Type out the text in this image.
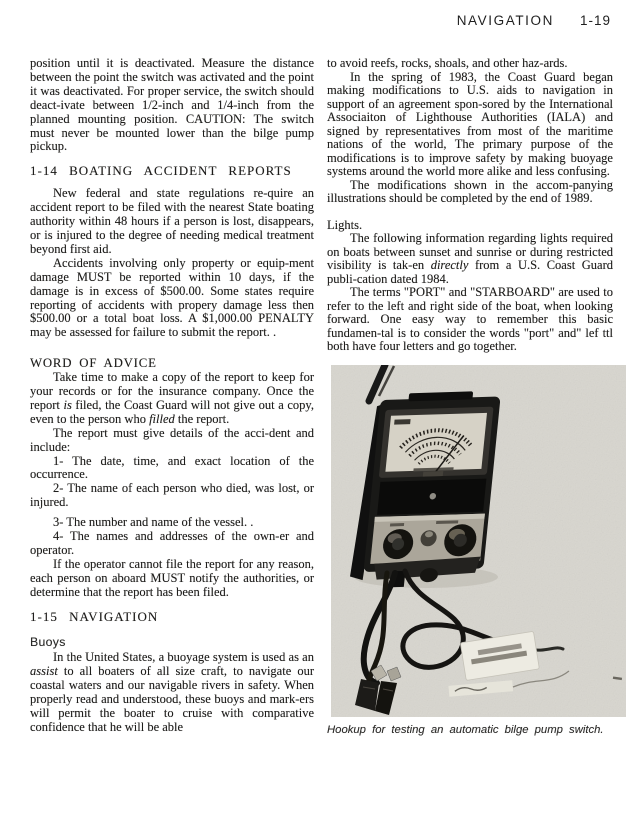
NAVIGATION 1-19

position until it is deactivated. Measure the distance between the point the switch was activated and the point it was deactivated. For proper service, the switch should deact-ivate between 1/2-inch and 1/4-inch from the planned mounting position. CAUTION: The switch must never be mounted lower than the bilge pump pickup.

1-14 BOATING ACCIDENT REPORTS

New federal and state regulations re-quire an accident report to be filed with the nearest State boating authority within 48 hours if a person is lost, disappears, or is injured to the degree of needing medical treatment beyond first aid.

Accidents involving only property or equip-ment damage MUST be reported within 10 days, if the damage is in excess of $500.00. Some states require reporting of accidents with propery damage less then $500.00 or a total boat loss. A $1,000.00 PENALTY may be assessed for failure to submit the report. .

WORD OF ADVICE

Take time to make a copy of the report to keep for your records or for the insurance company. Once the report is filed, the Coast Guard will not give out a copy, even to the person who filled the report.

The report must give details of the acci-dent and include:

1- The date, time, and exact location of the occurrence.

2- The name of each person who died, was lost, or injured.

3- The number and name of the vessel. .

4- The names and addresses of the own-er and operator.

If the operator cannot file the report for any reason, each person on aboard MUST notify the authorities, or determine that the report has been filed.

1-15 NAVIGATION

Buoys

In the United States, a buoyage system is used as an assist to all boaters of all size craft, to navigate our coastal waters and our navigable rivers in safety. When properly read and understood, these buoys and mark-ers will permit the boater to cruise with comparative confidence that he will be able

to avoid reefs, rocks, shoals, and other haz-ards.

In the spring of 1983, the Coast Guard began making modifications to U.S. aids to navigation in support of an agreement spon-sored by the International Associaiton of Lighthouse Authorities (IALA) and signed by representatives from most of the maritime nations of the world, The primary purpose of the modifications is to improve safety by making buoyage systems around the world more alike and less confusing.

The modifications shown in the accom-panying illustrations should be completed by the end of 1989.

Lights.

The following information regarding lights required on boats between sunset and sunrise or during restricted visibility is tak-en directly from a U.S. Coast Guard publi-cation dated 1984.

The terms "PORT" and "STARBOARD" are used to refer to the left and right side of the boat, when looking forward. One easy way to remember this basic fundamen-tal is to consider the words "port" and" lef ttl both have four letters and go together.

Hookup for testing an automatic bilge pump switch.
